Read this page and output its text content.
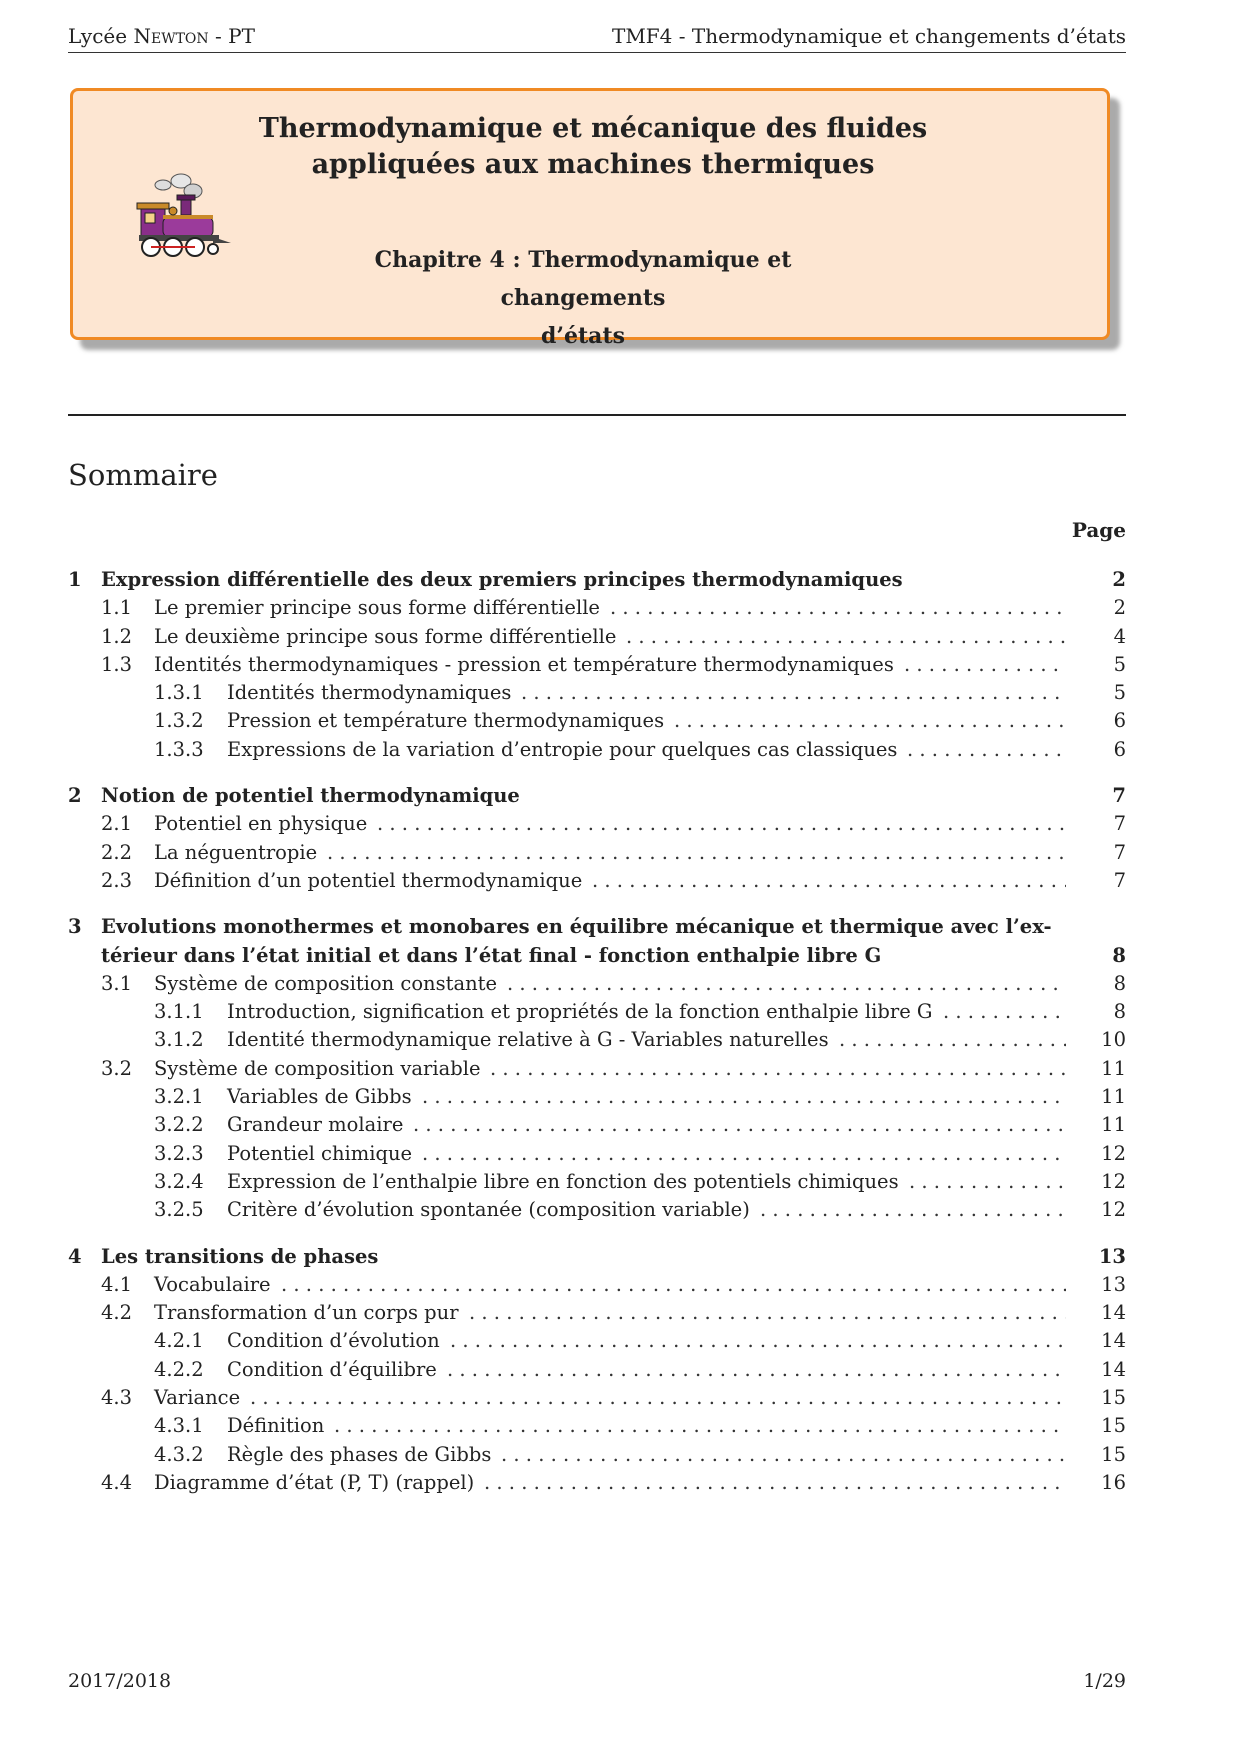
Lycée Newton - PT	TMF4 - Thermodynamique et changements d’états
Thermodynamique et mécanique des fluides
appliquées aux machines thermiques
Chapitre 4 : Thermodynamique et changements
d’états
Sommaire
Page
1 Expression différentielle des deux premiers principes thermodynamiques	2
. . .
1.1 Le premier principe sous forme différentielle	2
. . .
1.2 Le deuxième principe sous forme différentielle	4
. . .
1.3 Identités thermodynamiques - pression et température thermodynamiques	5
. . .
1.3.1 Identités thermodynamiques	5
. . .
1.3.2 Pression et température thermodynamiques	6
. . .
1.3.3 Expressions de la variation d’entropie pour quelques cas classiques	6
2 Notion de potentiel thermodynamique	7
. . .
2.1 Potentiel en physique	7
. . .
2.2 La néguentropie	7
. . .
2.3 Définition d’un potentiel thermodynamique	7
3 Evolutions monothermes et monobares en équilibre mécanique et thermique avec l’ex-
térieur dans l’état initial et dans l’état final - fonction enthalpie libre G	8
. . .
3.1 Système de composition constante	8
. . .
3.1.1 Introduction, signification et propriétés de la fonction enthalpie libre G	8
. . .
3.1.2 Identité thermodynamique relative à G - Variables naturelles	10
. . .
3.2 Système de composition variable	11
. . .
3.2.1 Variables de Gibbs	11
. . .
3.2.2 Grandeur molaire	11
. . .
3.2.3 Potentiel chimique	12
. . .
3.2.4 Expression de l’enthalpie libre en fonction des potentiels chimiques	12
. . .
3.2.5 Critère d’évolution spontanée (composition variable)	12
4 Les transitions de phases	13
. . .
4.1 Vocabulaire	13
. . .
4.2 Transformation d’un corps pur	14
. . .
4.2.1 Condition d’évolution	14
. . .
4.2.2 Condition d’équilibre	14
. . .
4.3 Variance	15
. . .
4.3.1 Définition	15
. . .
4.3.2 Règle des phases de Gibbs	15
. . .
4.4 Diagramme d’état (P, T) (rappel)	16
2017/2018	1/29
